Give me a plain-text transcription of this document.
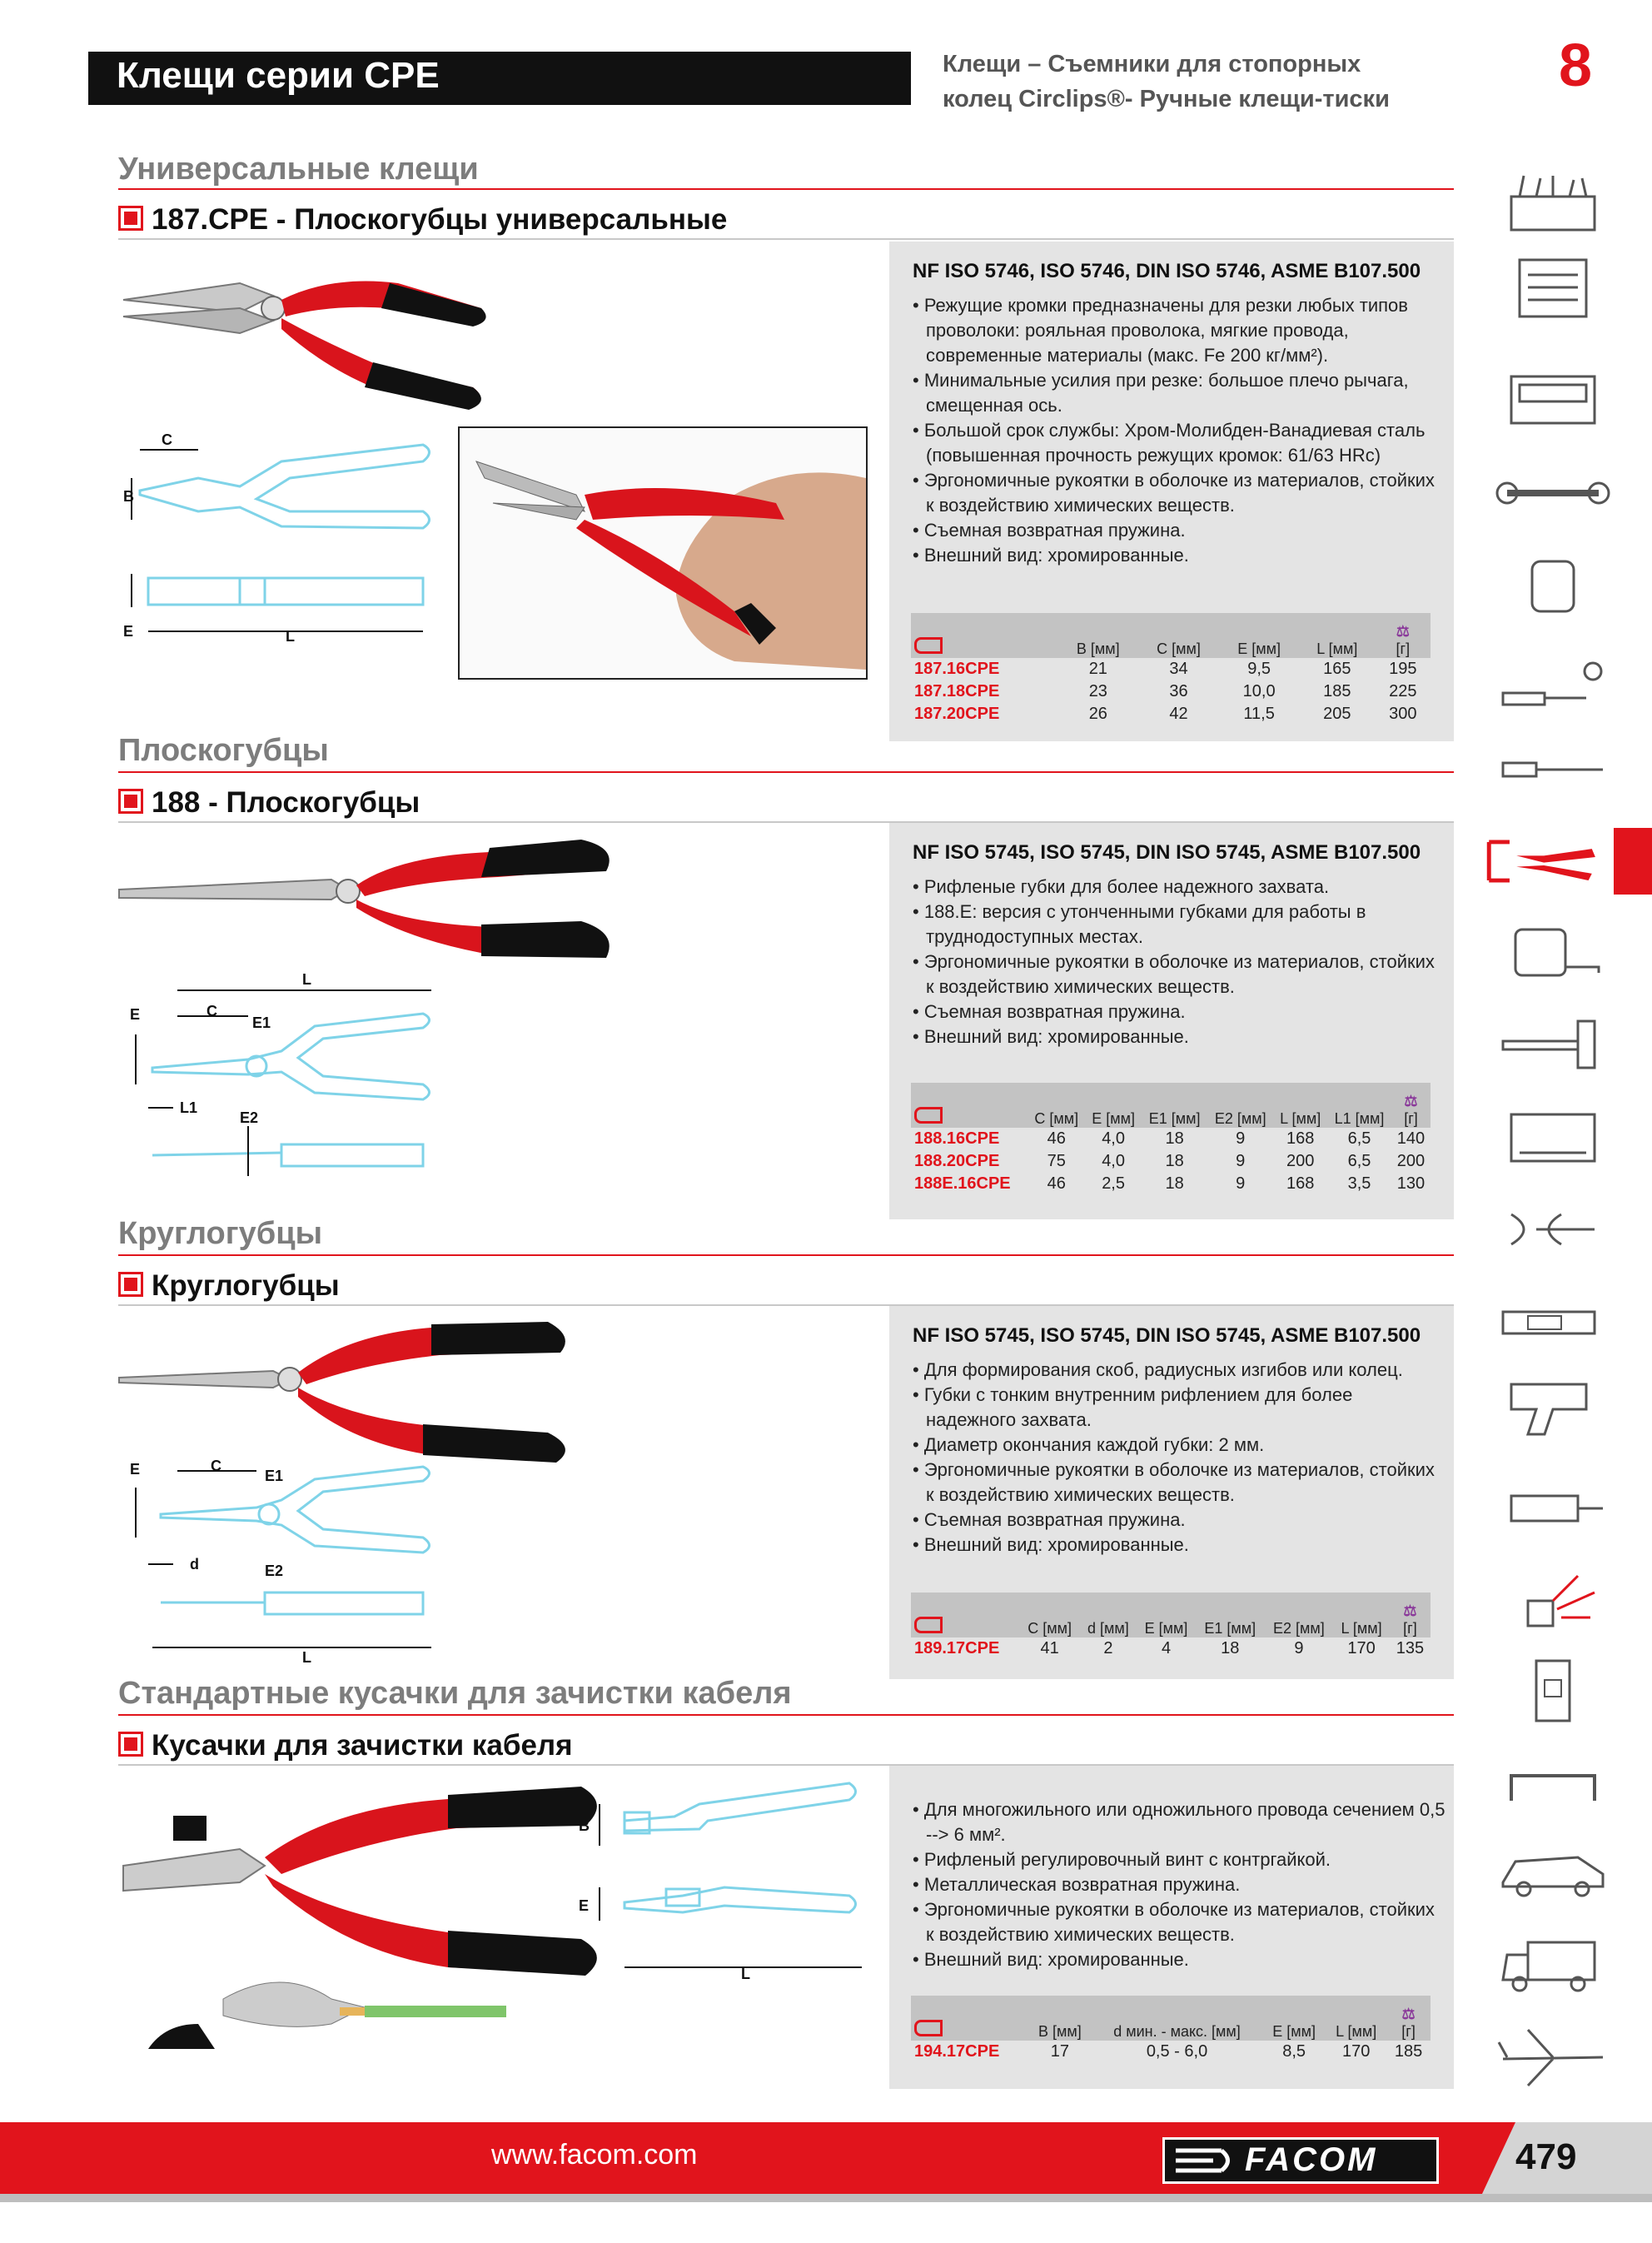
Клещи серии CPE	Клещи – Съемники для стопорных
колец Circlips®- Ручные клещи-тиски	8
Универсальные клещи
187.CPE - Плоскогубцы универсальные
C
B
E	L
NF ISO 5746, ISO 5746, DIN ISO 5746, ASME B107.500
• Режущие кромки предназначены для резки любых типов проволоки: рояльная проволока, мягкие провода, современные материалы (макс. Fe 200 кг/мм²).
• Минимальные усилия при резке: большое плечо рычага, смещенная ось.
• Большой срок службы: Хром-Молибден-Ванадиевая сталь (повышенная прочность режущих кромок: 61/63 HRc)
• Эргономичные рукоятки в оболочке из материалов, стойких к воздействию химических веществ.
• Съемная возвратная пружина.
• Внешний вид: хромированные.
	B [мм]	C [мм]	E [мм]	L [мм]	⚖
[г]

187.16CPE	21	34	9,5	165	195
187.18CPE	23	36	10,0	185	225
187.20CPE	26	42	11,5	205	300
Плоскогубцы
188 - Плоскогубцы
L
E	C
E1
L1
E2
NF ISO 5745, ISO 5745, DIN ISO 5745, ASME B107.500
• Рифленые губки для более надежного захвата.
• 188.E: версия с утонченными губками для работы в труднодоступных местах.
• Эргономичные рукоятки в оболочке из материалов, стойких к воздействию химических веществ.
• Съемная возвратная пружина.
• Внешний вид: хромированные.
	C [мм]	E [мм]	E1 [мм]	E2 [мм]	L [мм]	L1 [мм]	⚖
[г]

188.16CPE	46	4,0	18	9	168	6,5	140
188.20CPE	75	4,0	18	9	200	6,5	200
188E.16CPE	46	2,5	18	9	168	3,5	130
Круглогубцы
Круглогубцы
E	C
E1
d	E2
L
NF ISO 5745, ISO 5745, DIN ISO 5745, ASME B107.500
• Для формирования скоб, радиусных изгибов или колец.
• Губки с тонким внутренним рифлением для более надежного захвата.
• Диаметр окончания каждой губки: 2 мм.
• Эргономичные рукоятки в оболочке из материалов, стойких к воздействию химических веществ.
• Съемная возвратная пружина.
• Внешний вид: хромированные.
	C [мм]	d [мм]	E [мм]	E1 [мм]	E2 [мм]	L [мм]	⚖
[г]

189.17CPE	41	2	4	18	9	170	135
Стандартные кусачки для зачистки кабеля
Кусачки для зачистки кабеля
B
E
L
• Для многожильного или одножильного провода сечением 0,5 --> 6 мм².
• Рифленый регулировочный винт с контргайкой.
• Металлическая возвратная пружина.
• Эргономичные рукоятки в оболочке из материалов, стойких к воздействию химических веществ.
• Внешний вид: хромированные.
	B [мм]	d мин. - макс. [мм]	E [мм]	L [мм]	⚖
[г]

194.17CPE	17	0,5 - 6,0	8,5	170	185
www.facom.com	FACOM	479
